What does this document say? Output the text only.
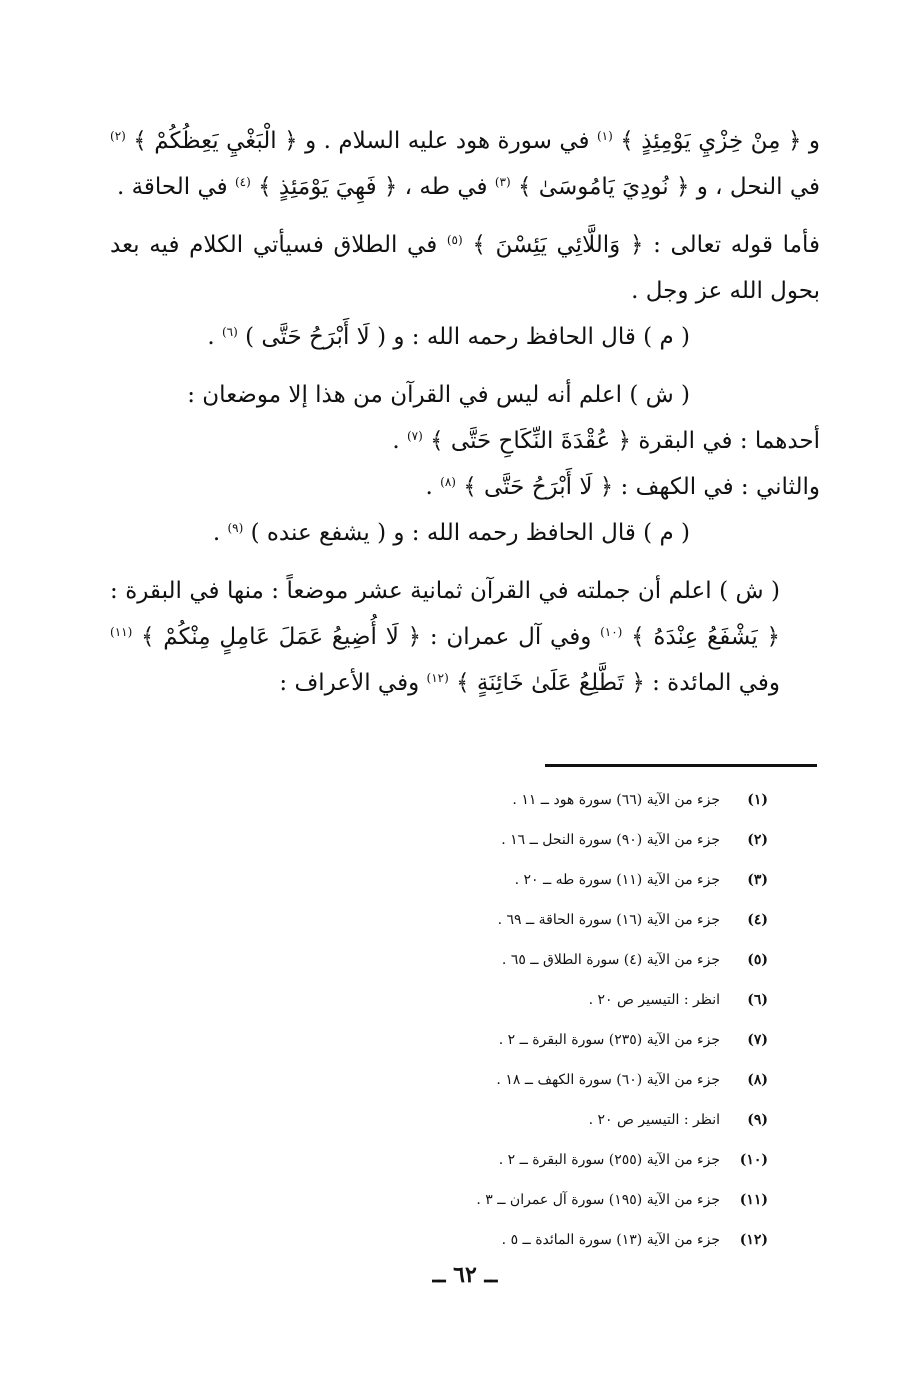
و ﴿ مِنْ خِزْيِ يَوْمِئِذٍ ﴾ $^{(١)}$ في سورة هود عليه السلام . و ﴿ الْبَغْيِ يَعِظُكُمْ ﴾ $^{(٢)}$ في النحل ، و ﴿ نُودِيَ يَامُوسَىٰ ﴾ $^{(٣)}$ في طه ، ﴿ فَهِيَ يَوْمَئِذٍ ﴾ $^{(٤)}$ في الحاقة .

فأما قوله تعالى : ﴿ وَاللَّائِي يَئِسْنَ ﴾ $^{(٥)}$ في الطلاق فسيأتي الكلام فيه بعد بحول الله عز وجل .

( م ) قال الحافظ رحمه الله : و ( لَا أَبْرَحُ حَتَّى ) $^{(٦)}$ .

( ش ) اعلم أنه ليس في القرآن من هذا إلا موضعان :

أحدهما : في البقرة ﴿ عُقْدَةَ النِّكَاحِ حَتَّى ﴾ $^{(٧)}$ .

والثاني : في الكهف : ﴿ لَا أَبْرَحُ حَتَّى ﴾ $^{(٨)}$ .

( م ) قال الحافظ رحمه الله : و ( يشفع عنده ) $^{(٩)}$ .

( ش ) اعلم أن جملته في القرآن ثمانية عشر موضعاً : منها في البقرة : ﴿ يَشْفَعُ عِنْدَهُ ﴾ $^{(١٠)}$ وفي آل عمران : ﴿ لَا أُضِيعُ عَمَلَ عَامِلٍ مِنْكُمْ ﴾ $^{(١١)}$ وفي المائدة : ﴿ تَطَّلِعُ عَلَىٰ خَائِنَةٍ ﴾ $^{(١٢)}$ وفي الأعراف :

(١)جزء من الآية (٦٦) سورة هود ــ ١١ .
(٢)جزء من الآية (٩٠) سورة النحل ــ ١٦ .
(٣)جزء من الآية (١١) سورة طه ــ ٢٠ .
(٤)جزء من الآية (١٦) سورة الحاقة ــ ٦٩ .
(٥)جزء من الآية (٤) سورة الطلاق ــ ٦٥ .
(٦)انظر : التيسير ص ٢٠ .
(٧)جزء من الآية (٢٣٥) سورة البقرة ــ ٢ .
(٨)جزء من الآية (٦٠) سورة الكهف ــ ١٨ .
(٩)انظر : التيسير ص ٢٠ .
(١٠)جزء من الآية (٢٥٥) سورة البقرة ــ ٢ .
(١١)جزء من الآية (١٩٥) سورة آل عمران ــ ٣ .
(١٢)جزء من الآية (١٣) سورة المائدة ــ ٥ .
ــ ٦٢ ــ
